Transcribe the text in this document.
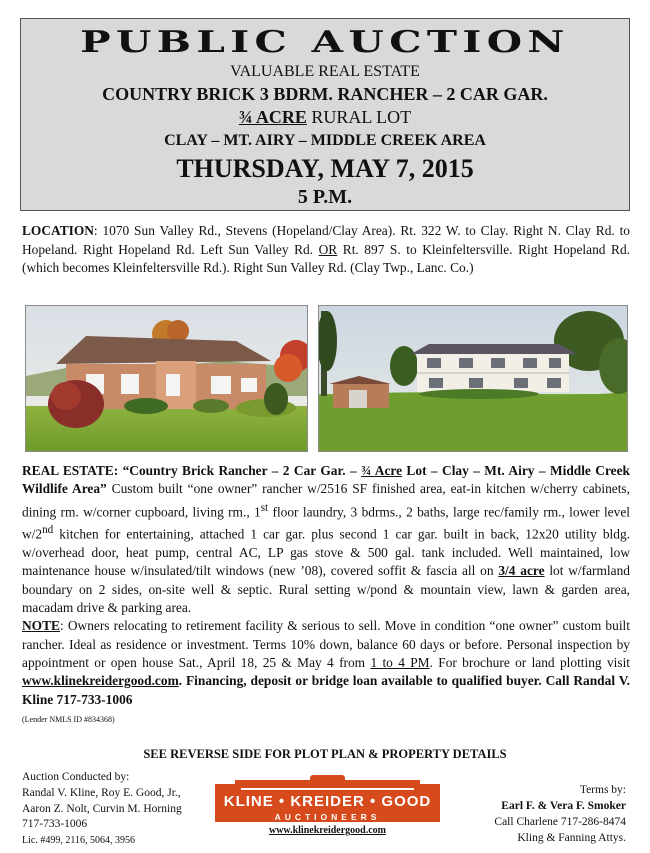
PUBLIC AUCTION
VALUABLE REAL ESTATE
COUNTRY BRICK 3 BDRM. RANCHER – 2 CAR GAR.
¾ ACRE RURAL LOT
CLAY – MT. AIRY – MIDDLE CREEK AREA
THURSDAY, MAY 7, 2015
5 P.M.
LOCATION: 1070 Sun Valley Rd., Stevens (Hopeland/Clay Area). Rt. 322 W. to Clay. Right N. Clay Rd. to Hopeland. Right Hopeland Rd. Left Sun Valley Rd. OR Rt. 897 S. to Kleinfeltersville. Right Hopeland Rd. (which becomes Kleinfeltersville Rd.). Right Sun Valley Rd. (Clay Twp., Lanc. Co.)
REAL ESTATE: “Country Brick Rancher – 2 Car Gar. – ¾ Acre Lot – Clay – Mt. Airy – Middle Creek Wildlife Area” Custom built “one owner” rancher w/2516 SF finished area, eat-in kitchen w/cherry cabinets, dining rm. w/corner cupboard, living rm., 1st floor laundry, 3 bdrms., 2 baths, large rec/family rm., lower level w/2nd kitchen for entertaining, attached 1 car gar. plus second 1 car gar. built in back, 12x20 utility bldg. w/overhead door, heat pump, central AC, LP gas stove & 500 gal. tank included. Well maintained, low maintenance house w/insulated/tilt windows (new ’08), covered soffit & fascia all on 3/4 acre lot w/farmland boundary on 2 sides, on-site well & septic. Rural setting w/pond & mountain view, lawn & garden area, macadam drive & parking area.
NOTE: Owners relocating to retirement facility & serious to sell. Move in condition “one owner” custom built rancher. Ideal as residence or investment. Terms 10% down, balance 60 days or before. Personal inspection by appointment or open house Sat., April 18, 25 & May 4 from 1 to 4 PM. For brochure or land plotting visit www.klinekreidergood.com. Financing, deposit or bridge loan available to qualified buyer. Call Randal V. Kline 717-733-1006
(Lender NMLS ID #834368)
SEE REVERSE SIDE FOR PLOT PLAN & PROPERTY DETAILS
Auction Conducted by:
Randal V. Kline, Roy E. Good, Jr.,
Aaron Z. Nolt, Curvin M. Horning
717-733-1006
Lic. #499, 2116, 5064, 3956
KLINE • KREIDER • GOOD
AUCTIONEERS
www.klinekreidergood.com
Terms by:
Earl F. & Vera F. Smoker
Call Charlene 717-286-8474
Kling & Fanning Attys.
